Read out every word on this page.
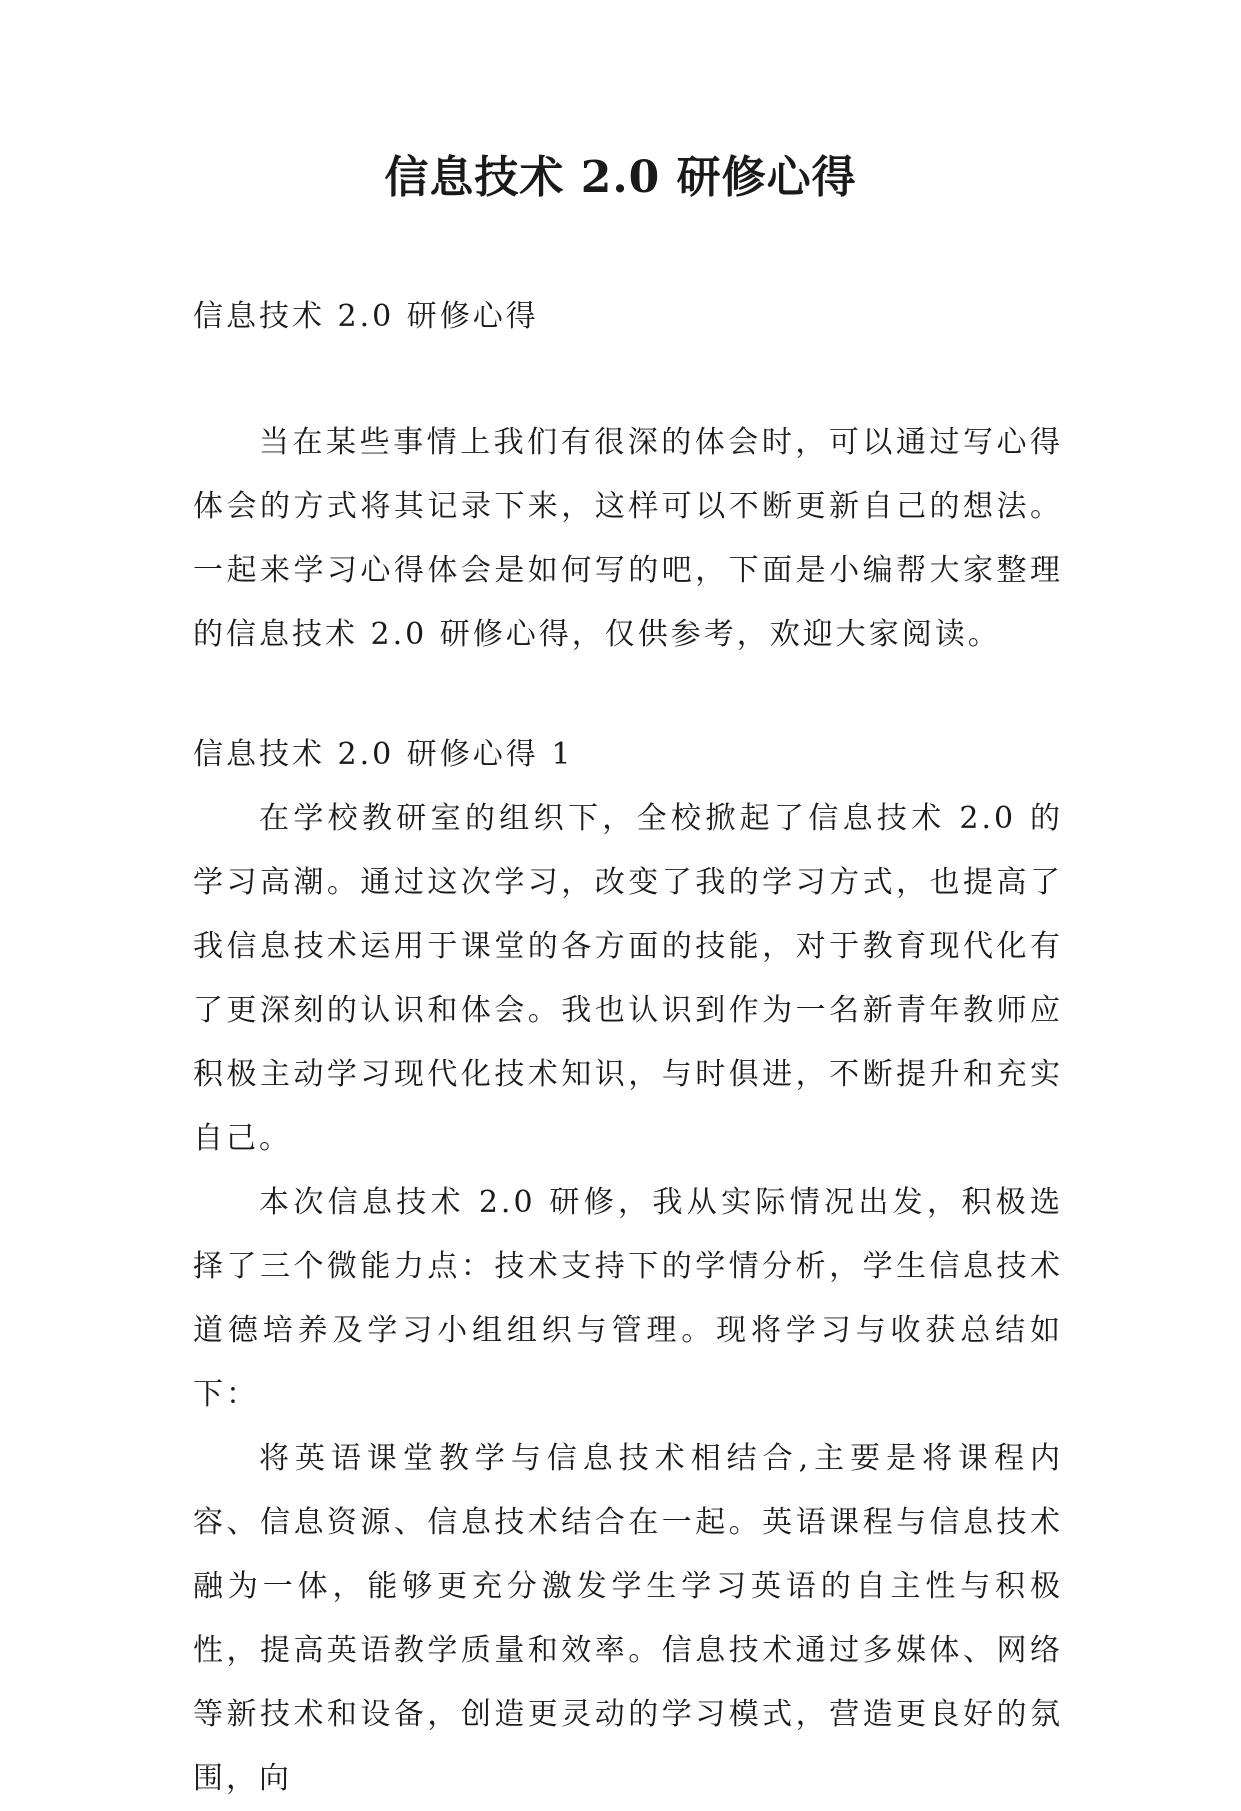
信息技术 2.0 研修心得

信息技术 2.0 研修心得

当在某些事情上我们有很深的体会时，可以通过写心得体会的方式将其记录下来，这样可以不断更新自己的想法。一起来学习心得体会是如何写的吧，下面是小编帮大家整理的信息技术 2.0 研修心得，仅供参考，欢迎大家阅读。

信息技术 2.0 研修心得 1

在学校教研室的组织下，全校掀起了信息技术 2.0 的学习高潮。通过这次学习，改变了我的学习方式，也提高了我信息技术运用于课堂的各方面的技能，对于教育现代化有了更深刻的认识和体会。我也认识到作为一名新青年教师应积极主动学习现代化技术知识，与时俱进，不断提升和充实自己。

本次信息技术 2.0 研修，我从实际情况出发，积极选择了三个微能力点：技术支持下的学情分析，学生信息技术道德培养及学习小组组织与管理。现将学习与收获总结如下：

将英语课堂教学与信息技术相结合,主要是将课程内容、信息资源、信息技术结合在一起。英语课程与信息技术融为一体，能够更充分激发学生学习英语的自主性与积极性，提高英语教学质量和效率。信息技术通过多媒体、网络等新技术和设备，创造更灵动的学习模式，营造更良好的氛围，向
